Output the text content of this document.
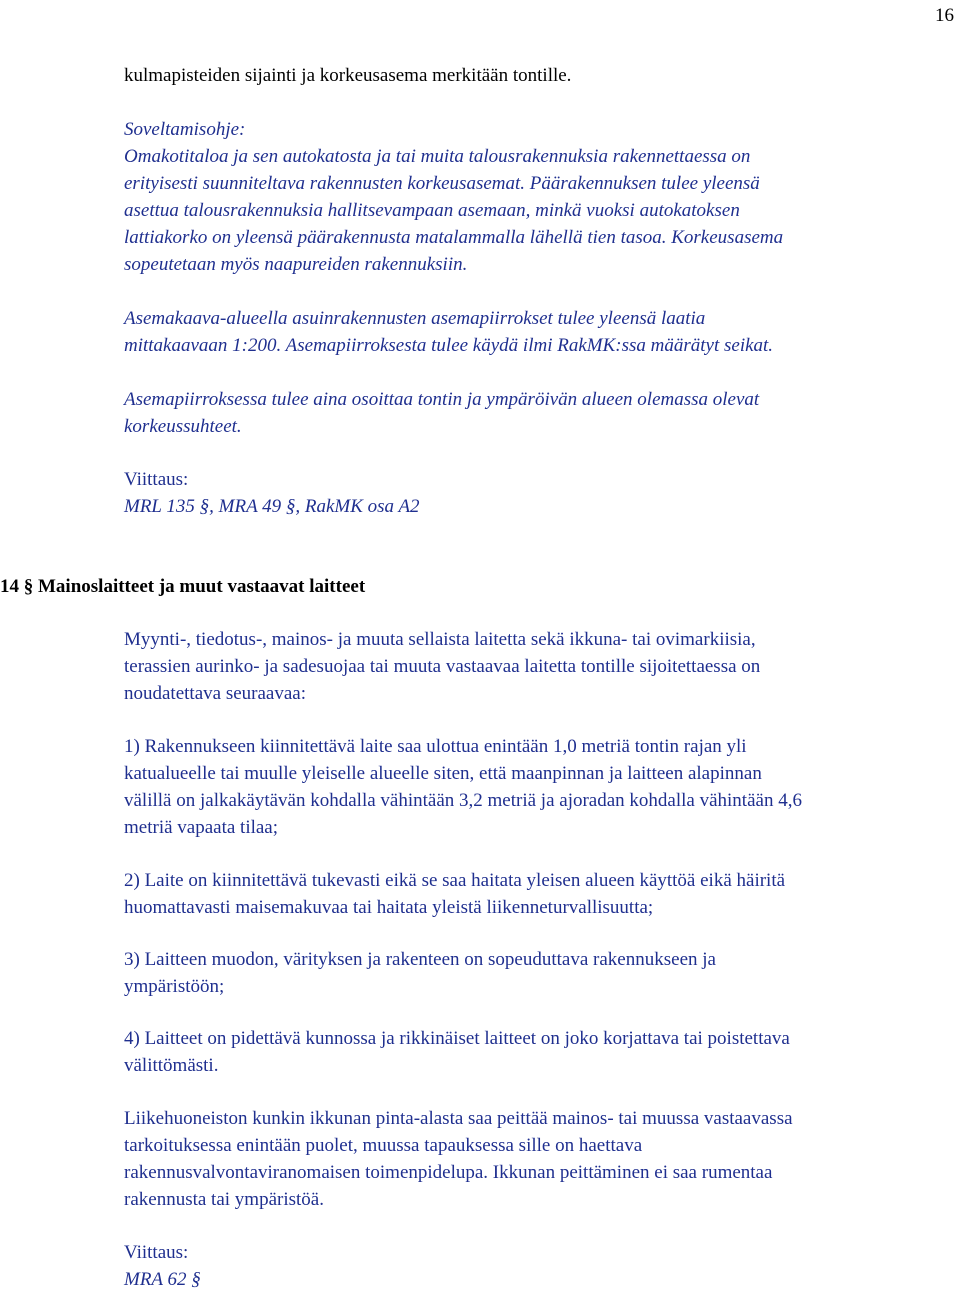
16
kulmapisteiden sijainti ja korkeusasema merkitään tontille.
Soveltamisohje:
Omakotitaloa ja sen autokatosta ja tai muita talousrakennuksia rakennettaessa on
erityisesti suunniteltava rakennusten korkeusasemat. Päärakennuksen tulee yleensä
asettua talousrakennuksia hallitsevampaan asemaan, minkä vuoksi autokatoksen
lattiakorko on yleensä päärakennusta matalammalla lähellä tien tasoa. Korkeusasema
sopeutetaan myös naapureiden rakennuksiin.
Asemakaava-alueella asuinrakennusten asemapiirrokset tulee yleensä laatia
mittakaavaan 1:200. Asemapiirroksesta tulee käydä ilmi RakMK:ssa määrätyt seikat.
Asemapiirroksessa tulee aina osoittaa tontin ja ympäröivän alueen olemassa olevat
korkeussuhteet.
Viittaus:
MRL 135 §, MRA 49 §, RakMK osa A2
14 § Mainoslaitteet ja muut vastaavat laitteet
Myynti-, tiedotus-, mainos- ja muuta sellaista laitetta sekä ikkuna- tai ovimarkiisia,
terassien aurinko- ja sadesuojaa tai muuta vastaavaa laitetta tontille sijoitettaessa on
noudatettava seuraavaa:
1) Rakennukseen kiinnitettävä laite saa ulottua enintään 1,0 metriä tontin rajan yli
katualueelle tai muulle yleiselle alueelle siten, että maanpinnan ja laitteen alapinnan
välillä on jalkakäytävän kohdalla vähintään 3,2 metriä ja ajoradan kohdalla vähintään 4,6
metriä vapaata tilaa;
2) Laite on kiinnitettävä tukevasti eikä se saa haitata yleisen alueen käyttöä eikä häiritä
huomattavasti maisemakuvaa tai haitata yleistä liikenneturvallisuutta;
3) Laitteen muodon, värityksen ja rakenteen on sopeuduttava rakennukseen ja
ympäristöön;
4) Laitteet on pidettävä kunnossa ja rikkinäiset laitteet on joko korjattava tai poistettava
välittömästi.
Liikehuoneiston kunkin ikkunan pinta-alasta saa peittää mainos- tai muussa vastaavassa
tarkoituksessa enintään puolet, muussa tapauksessa sille on haettava
rakennusvalvontaviranomaisen toimenpidelupa. Ikkunan peittäminen ei saa rumentaa
rakennusta tai ympäristöä.
Viittaus:
MRA 62 §
